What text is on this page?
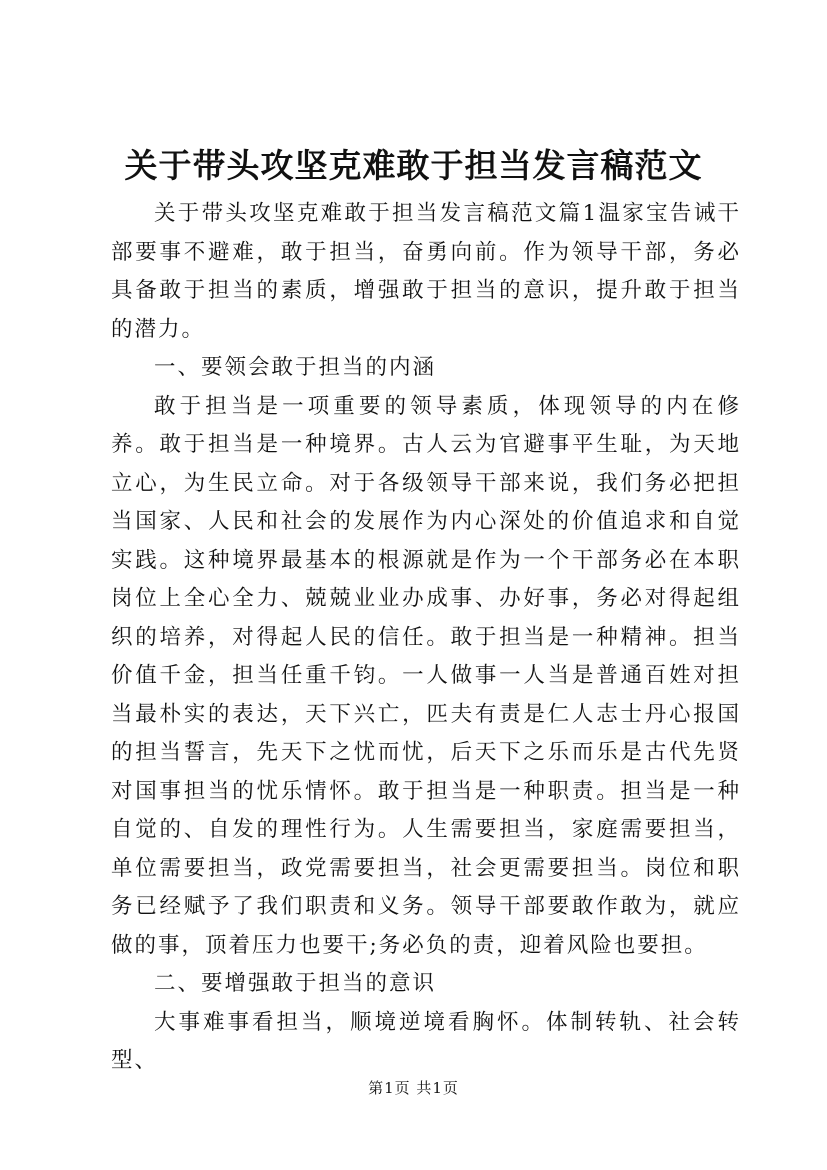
关于带头攻坚克难敢于担当发言稿范文

关于带头攻坚克难敢于担当发言稿范文篇1温家宝告诫干部要事不避难，敢于担当，奋勇向前。作为领导干部，务必具备敢于担当的素质，增强敢于担当的意识，提升敢于担当的潜力。

一、要领会敢于担当的内涵

敢于担当是一项重要的领导素质，体现领导的内在修养。敢于担当是一种境界。古人云为官避事平生耻，为天地立心，为生民立命。对于各级领导干部来说，我们务必把担当国家、人民和社会的发展作为内心深处的价值追求和自觉实践。这种境界最基本的根源就是作为一个干部务必在本职岗位上全心全力、兢兢业业办成事、办好事，务必对得起组织的培养，对得起人民的信任。敢于担当是一种精神。担当价值千金，担当任重千钧。一人做事一人当是普通百姓对担当最朴实的表达，天下兴亡，匹夫有责是仁人志士丹心报国的担当誓言，先天下之忧而忧，后天下之乐而乐是古代先贤对国事担当的忧乐情怀。敢于担当是一种职责。担当是一种自觉的、自发的理性行为。人生需要担当，家庭需要担当，单位需要担当，政党需要担当，社会更需要担当。岗位和职务已经赋予了我们职责和义务。领导干部要敢作敢为，就应做的事，顶着压力也要干;务必负的责，迎着风险也要担。

二、要增强敢于担当的意识

大事难事看担当，顺境逆境看胸怀。体制转轨、社会转型、

第1页 共1页
